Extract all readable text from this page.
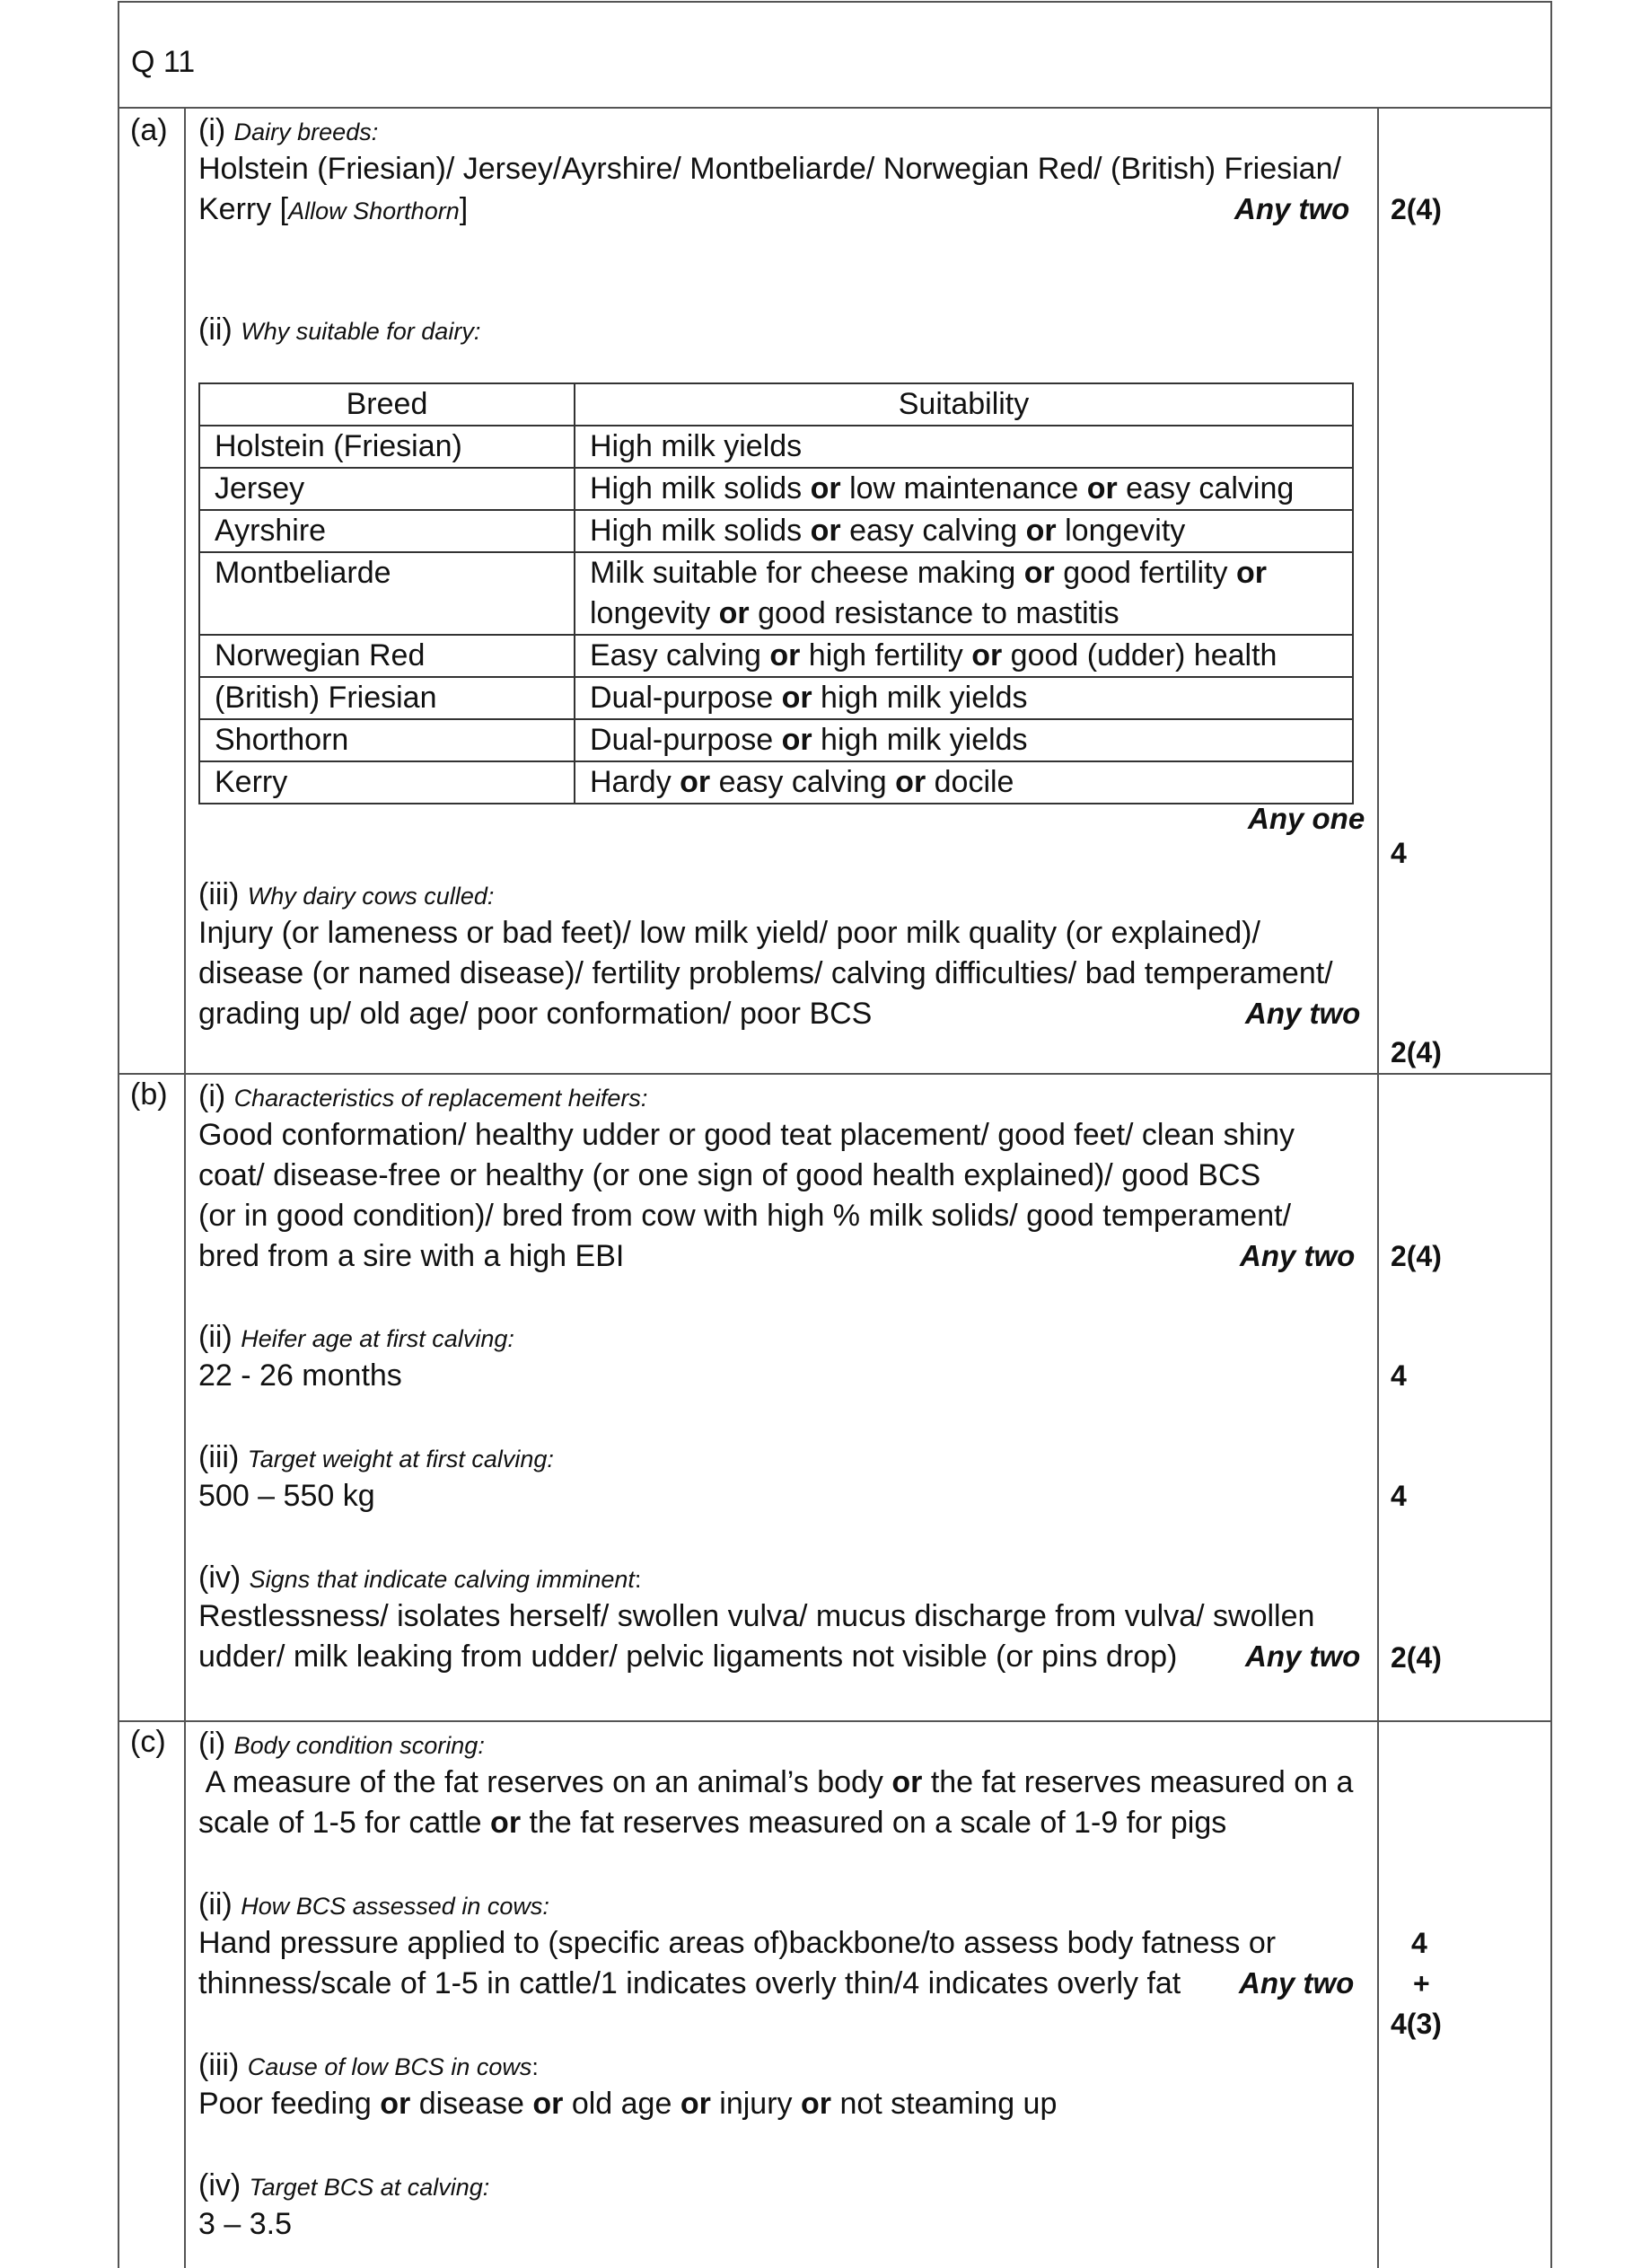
Q 11
(a) (i) Dairy breeds:
Holstein (Friesian)/ Jersey/Ayrshire/ Montbeliarde/ Norwegian Red/ (British) Friesian/
Kerry [Allow Shorthorn]	Any two 2(4)
(ii) Why suitable for dairy:
Breed	Suitability
Holstein (Friesian)	High milk yields
Jersey	High milk solids or low maintenance or easy calving
Ayrshire	High milk solids or easy calving or longevity
Montbeliarde	Milk suitable for cheese making or good fertility or longevity or good resistance to mastitis
Norwegian Red	Easy calving or high fertility or good (udder) health
(British) Friesian	Dual-purpose or high milk yields
Shorthorn	Dual-purpose or high milk yields
Kerry	Hardy or easy calving or docile
Any one
4
(iii) Why dairy cows culled:
Injury (or lameness or bad feet)/ low milk yield/ poor milk quality (or explained)/
disease (or named disease)/ fertility problems/ calving difficulties/ bad temperament/
grading up/ old age/ poor conformation/ poor BCS	Any two
2(4)
(b) (i) Characteristics of replacement heifers:
Good conformation/ healthy udder or good teat placement/ good feet/ clean shiny
coat/ disease-free or healthy (or one sign of good health explained)/ good BCS
(or in good condition)/ bred from cow with high % milk solids/ good temperament/
bred from a sire with a high EBI	Any two 2(4)
(ii) Heifer age at first calving:
22 - 26 months	4
(iii) Target weight at first calving:
500 – 550 kg	4
(iv) Signs that indicate calving imminent:
Restlessness/ isolates herself/ swollen vulva/ mucus discharge from vulva/ swollen
udder/ milk leaking from udder/ pelvic ligaments not visible (or pins drop) Any two 2(4)
(c) (i) Body condition scoring:
A measure of the fat reserves on an animal’s body or the fat reserves measured on a
scale of 1-5 for cattle or the fat reserves measured on a scale of 1-9 for pigs
(ii) How BCS assessed in cows:
Hand pressure applied to (specific areas of)backbone/to assess body fatness or
thinness/scale of 1-5 in cattle/1 indicates overly thin/4 indicates overly fat Any two
4
+
4(3)
(iii) Cause of low BCS in cows:
Poor feeding or disease or old age or injury or not steaming up
(iv) Target BCS at calving:
3 – 3.5
